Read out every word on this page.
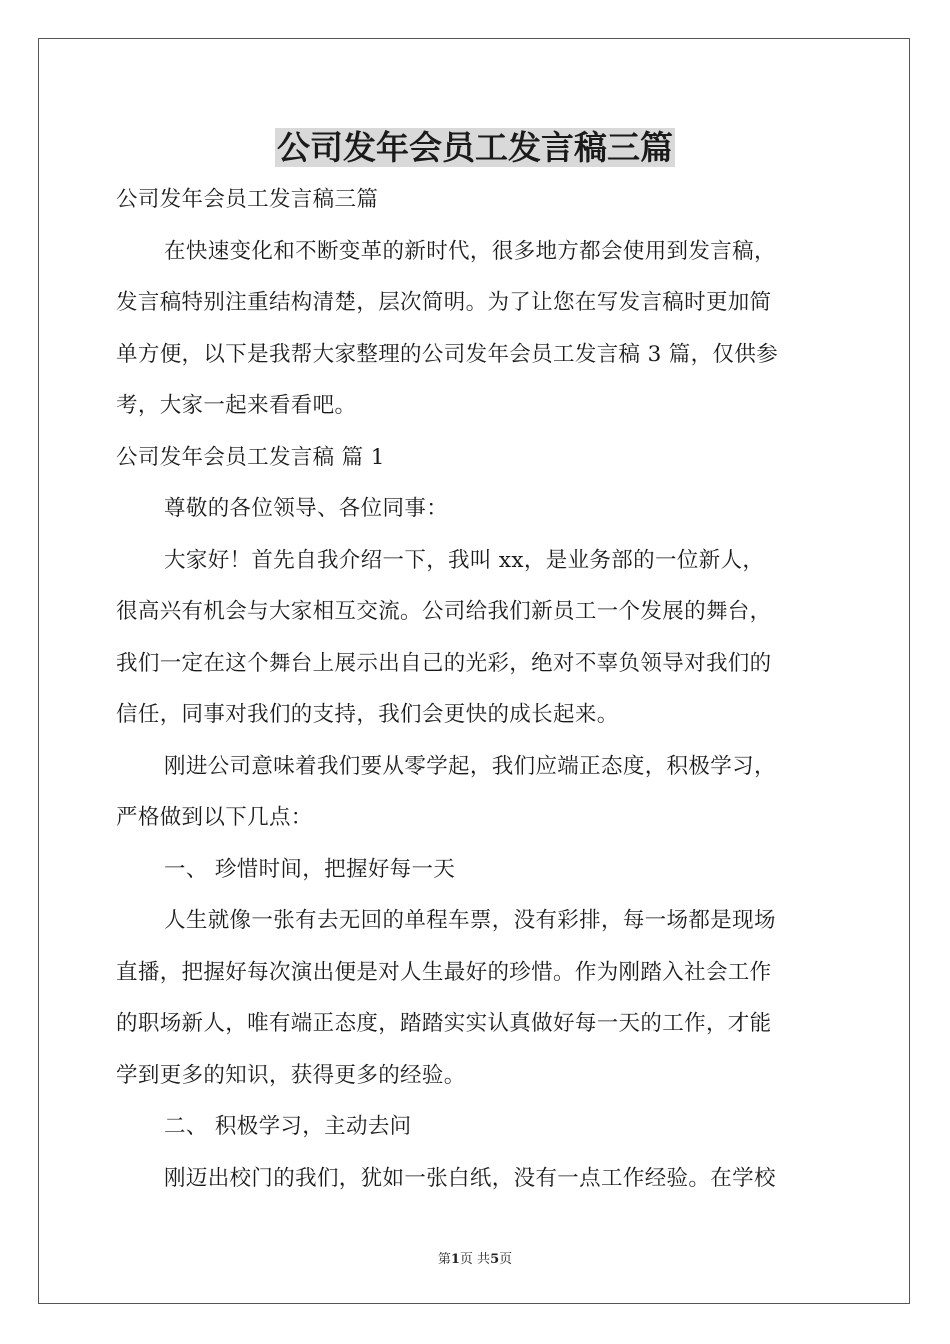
公司发年会员工发言稿三篇
公司发年会员工发言稿三篇
在快速变化和不断变革的新时代，很多地方都会使用到发言稿，
发言稿特别注重结构清楚，层次简明。为了让您在写发言稿时更加简
单方便，以下是我帮大家整理的公司发年会员工发言稿 3 篇，仅供参
考，大家一起来看看吧。
公司发年会员工发言稿 篇 1
尊敬的各位领导、各位同事：
大家好！首先自我介绍一下，我叫 xx，是业务部的一位新人，
很高兴有机会与大家相互交流。公司给我们新员工一个发展的舞台，
我们一定在这个舞台上展示出自己的光彩，绝对不辜负领导对我们的
信任，同事对我们的支持，我们会更快的成长起来。
刚进公司意味着我们要从零学起，我们应端正态度，积极学习，
严格做到以下几点：
一、 珍惜时间，把握好每一天
人生就像一张有去无回的单程车票，没有彩排，每一场都是现场
直播，把握好每次演出便是对人生最好的珍惜。作为刚踏入社会工作
的职场新人，唯有端正态度，踏踏实实认真做好每一天的工作，才能
学到更多的知识，获得更多的经验。
二、 积极学习，主动去问
刚迈出校门的我们，犹如一张白纸，没有一点工作经验。在学校
第1页 共5页
